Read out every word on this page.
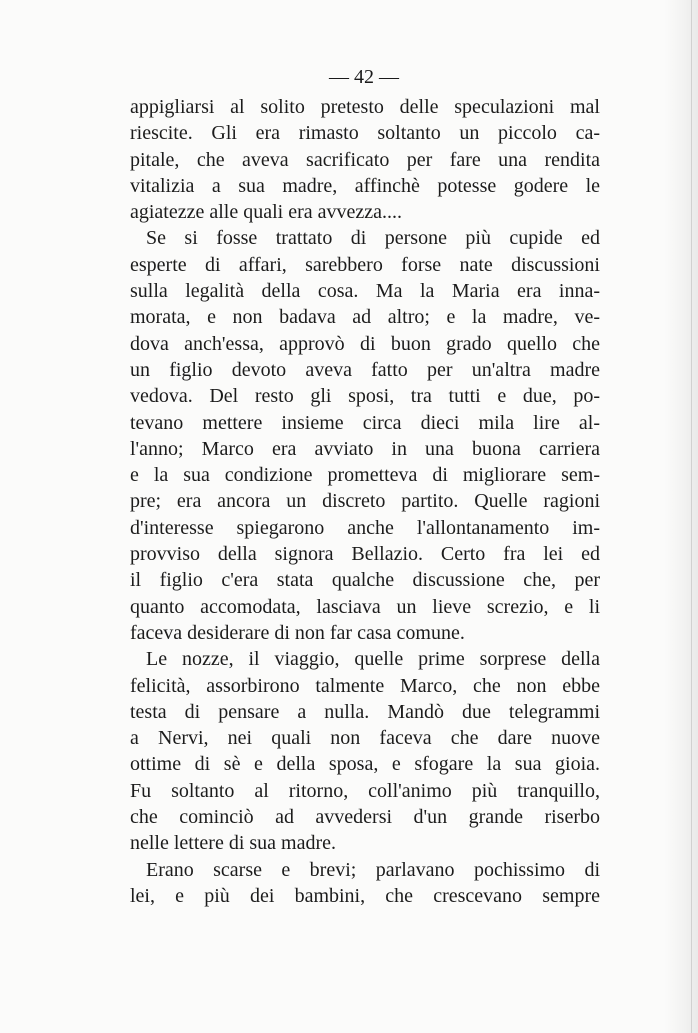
— 42 —
appigliarsi al solito pretesto delle speculazioni mal
riescite. Gli era rimasto soltanto un piccolo ca-
pitale, che aveva sacrificato per fare una rendita
vitalizia a sua madre, affinchè potesse godere le
agiatezze alle quali era avvezza....
Se si fosse trattato di persone più cupide ed
esperte di affari, sarebbero forse nate discussioni
sulla legalità della cosa. Ma la Maria era inna-
morata, e non badava ad altro; e la madre, ve-
dova anch'essa, approvò di buon grado quello che
un figlio devoto aveva fatto per un'altra madre
vedova. Del resto gli sposi, tra tutti e due, po-
tevano mettere insieme circa dieci mila lire al-
l'anno; Marco era avviato in una buona carriera
e la sua condizione prometteva di migliorare sem-
pre; era ancora un discreto partito. Quelle ragioni
d'interesse spiegarono anche l'allontanamento im-
provviso della signora Bellazio. Certo fra lei ed
il figlio c'era stata qualche discussione che, per
quanto accomodata, lasciava un lieve screzio, e li
faceva desiderare di non far casa comune.
Le nozze, il viaggio, quelle prime sorprese della
felicità, assorbirono talmente Marco, che non ebbe
testa di pensare a nulla. Mandò due telegrammi
a Nervi, nei quali non faceva che dare nuove
ottime di sè e della sposa, e sfogare la sua gioia.
Fu soltanto al ritorno, coll'animo più tranquillo,
che cominciò ad avvedersi d'un grande riserbo
nelle lettere di sua madre.
Erano scarse e brevi; parlavano pochissimo di
lei, e più dei bambini, che crescevano sempre
